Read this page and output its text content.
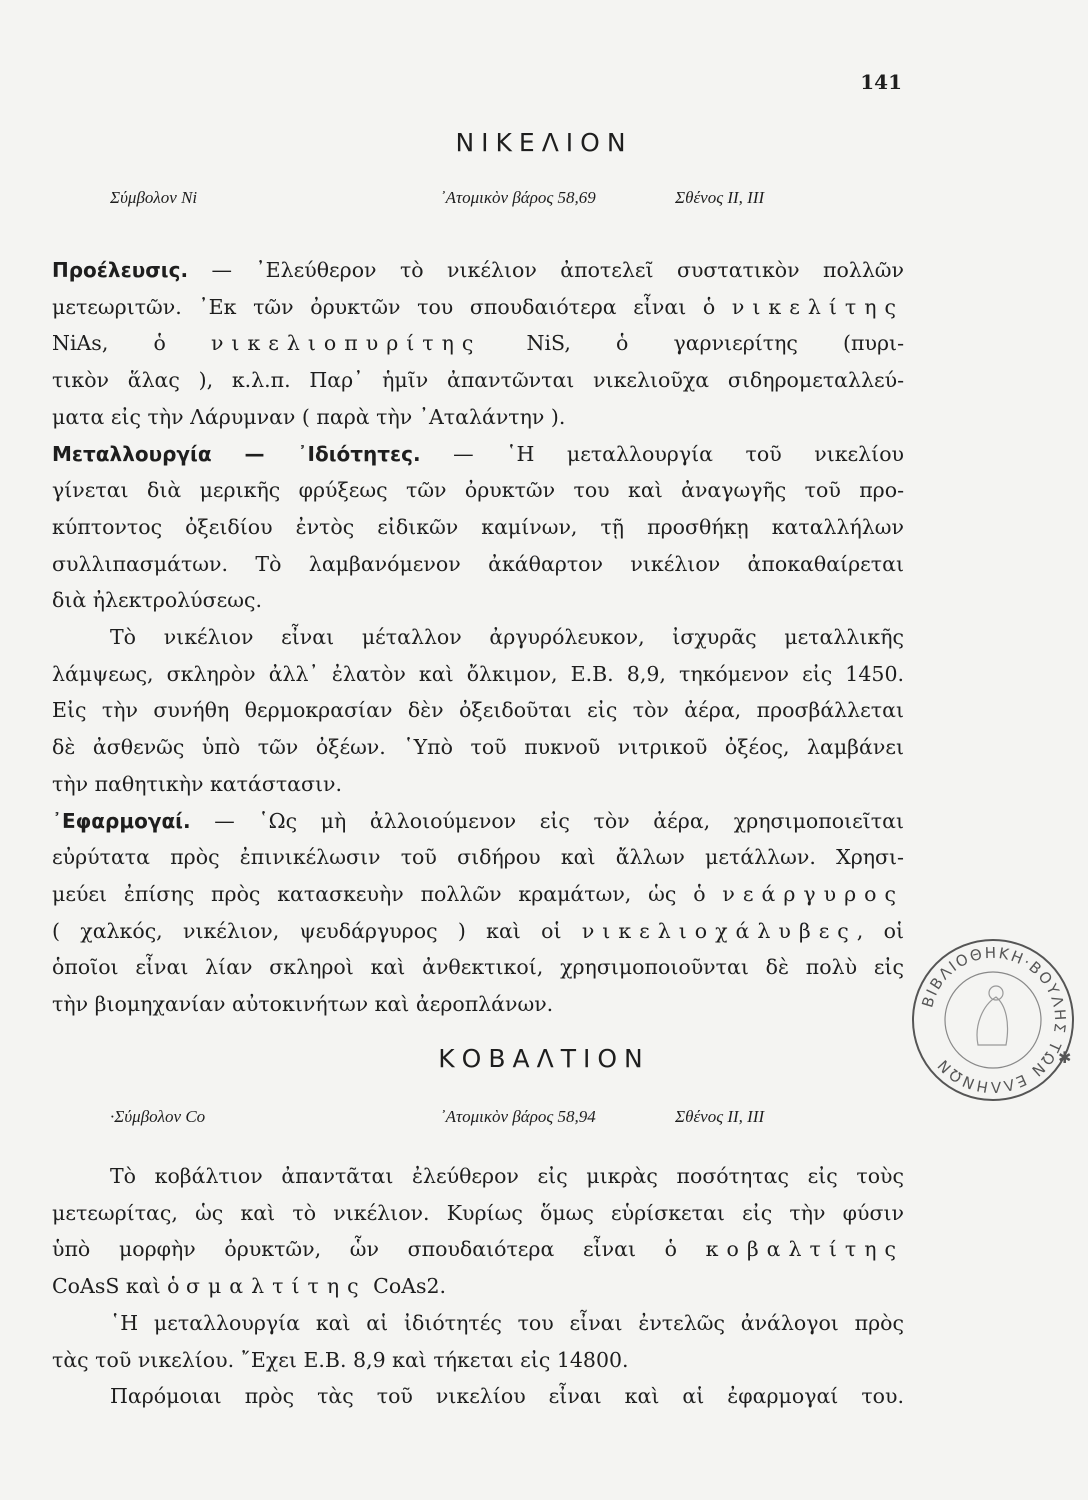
141
ΝΙΚΕΛΙΟΝ
Σύμβολον Ni	᾿Ατομικὸν βάρος 58,69	Σθένος II, III
Προέλευσις. — ᾿Ελεύθερον τὸ νικέλιον ἀποτελεῖ συστατικὸν πολλῶν
μετεωριτῶν. ᾿Εκ τῶν ὀρυκτῶν του σπουδαιότερα εἶναι ὁ νικελίτης
NiAs, ὁ νικελιοπυρίτης NiS, ὁ γαρνιερίτης (πυρι-
τικὸν ἅλας ), κ.λ.π. Παρ᾿ ἡμῖν ἀπαντῶνται νικελιοῦχα σιδηρομεταλλεύ-
ματα εἰς τὴν Λάρυμναν ( παρὰ τὴν ᾿Αταλάντην ).
Μεταλλουργία — ᾿Ιδιότητες. — ῾Η μεταλλουργία τοῦ νικελίου
γίνεται διὰ μερικῆς φρύξεως τῶν ὀρυκτῶν του καὶ ἀναγωγῆς τοῦ προ-
κύπτοντος ὀξειδίου ἐντὸς εἰδικῶν καμίνων, τῇ προσθήκῃ καταλλήλων
συλλιπασμάτων. Τὸ λαμβανόμενον ἀκάθαρτον νικέλιον ἀποκαθαίρεται
διὰ ἠλεκτρολύσεως.
Τὸ νικέλιον εἶναι μέταλλον ἀργυρόλευκον, ἰσχυρᾶς μεταλλικῆς
λάμψεως, σκληρὸν ἀλλ᾿ ἐλατὸν καὶ ὄλκιμον, Ε.Β. 8,9, τηκόμενον εἰς 1450.
Εἰς τὴν συνήθη θερμοκρασίαν δὲν ὀξειδοῦται εἰς τὸν ἀέρα, προσβάλλεται
δὲ ἀσθενῶς ὑπὸ τῶν ὀξέων. ῾Υπὸ τοῦ πυκνοῦ νιτρικοῦ ὀξέος, λαμβάνει
τὴν παθητικὴν κατάστασιν.
᾿Εφαρμογαί. — ῾Ως μὴ ἀλλοιούμενον εἰς τὸν ἀέρα, χρησιμοποιεῖται
εὐρύτατα πρὸς ἐπινικέλωσιν τοῦ σιδήρου καὶ ἄλλων μετάλλων. Χρησι-
μεύει ἐπίσης πρὸς κατασκευὴν πολλῶν κραμάτων, ὡς ὁ νεάργυρος
( χαλκός, νικέλιον, ψευδάργυρος ) καὶ οἱ νικελιοχάλυβες, οἱ
ὁποῖοι εἶναι λίαν σκληροὶ καὶ ἀνθεκτικοί, χρησιμοποιοῦνται δὲ πολὺ εἰς
τὴν βιομηχανίαν αὐτοκινήτων καὶ ἀεροπλάνων.
ΚΟΒΑΛΤΙΟΝ
·Σύμβολον Co	᾿Ατομικὸν βάρος 58,94	Σθένος II, III
Τὸ κοβάλτιον ἀπαντᾶται ἐλεύθερον εἰς μικρὰς ποσότητας εἰς τοὺς
μετεωρίτας, ὡς καὶ τὸ νικέλιον. Κυρίως ὅμως εὑρίσκεται εἰς τὴν φύσιν
ὑπὸ μορφὴν ὀρυκτῶν, ὧν σπουδαιότερα εἶναι ὁ κοβαλτίτης
CoAsS καὶ ὁ σμαλτίτης CoAs2.
῾Η μεταλλουργία καὶ αἱ ἰδιότητές του εἶναι ἐντελῶς ἀνάλογοι πρὸς
τὰς τοῦ νικελίου. ῎Εχει Ε.Β. 8,9 καὶ τήκεται εἰς 14800.
Παρόμοιαι πρὸς τὰς τοῦ νικελίου εἶναι καὶ αἱ ἐφαρμογαί του.
ΒΙΒΛΙΟΘΗΚΗ·ΒΟΥΛΗΣ ΤΩΝ ΕΛΛΗΝΩΝ	✱
